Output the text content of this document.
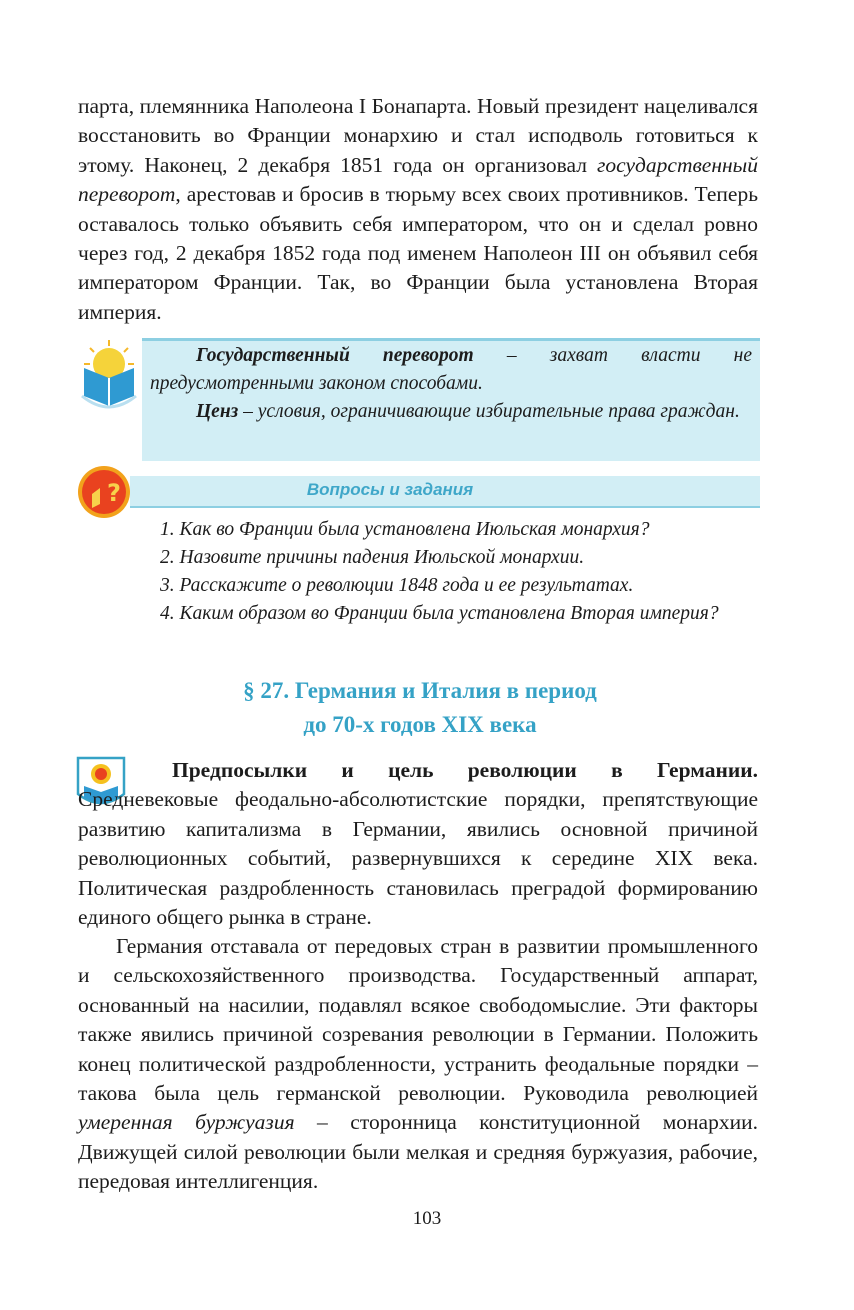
парта, племянника Наполеона I Бонапарта. Новый президент нацеливался восстановить во Франции монархию и стал исподволь готовиться к этому. Наконец, 2 декабря 1851 года он организовал государственный переворот, арестовав и бросив в тюрьму всех своих противников. Теперь оставалось только объявить себя императором, что он и сделал ровно через год, 2 декабря 1852 года под именем Наполеон III он объявил себя императором Франции. Так, во Франции была установлена Вторая империя.

Государственный переворот – захват власти не предусмотренными законом способами.
Ценз – условия, ограничивающие избирательные права граждан.
?	Вопросы и задания
1. Как во Франции была установлена Июльская монархия?
2. Назовите причины падения Июльской монархии.
3. Расскажите о революции 1848 года и ее результатах.
4. Каким образом во Франции была установлена Вторая империя?
§ 27. Германия и Италия в период
до 70-х годов XIX века

Предпосылки и цель революции в Германии. Средневековые феодально-абсолютистские порядки, препятствующие развитию капитализма в Германии, явились основной причиной революционных событий, развернувшихся к середине XIX века. Политическая раздробленность становилась преградой формированию единого общего рынка в стране.

Германия отставала от передовых стран в развитии промышленного и сельскохозяйственного производства. Государственный аппарат, основанный на насилии, подавлял всякое свободомыслие. Эти факторы также явились причиной созревания революции в Германии. Положить конец политической раздробленности, устранить феодальные порядки – такова была цель германской революции. Руководила революцией умеренная буржуазия – сторонница конституционной монархии. Движущей силой революции были мелкая и средняя буржуазия, рабочие, передовая интеллигенция.

103
